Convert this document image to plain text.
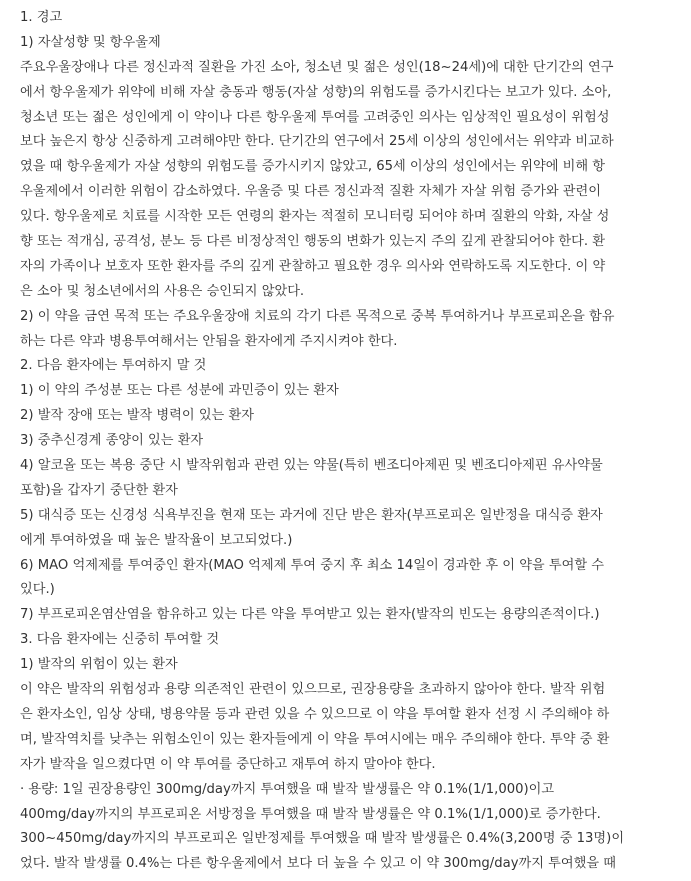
1. 경고
1) 자살성향 및 항우울제
주요우울장애나 다른 정신과적 질환을 가진 소아, 청소년 및 젊은 성인(18~24세)에 대한 단기간의 연구
에서 항우울제가 위약에 비해 자살 충동과 행동(자살 성향)의 위험도를 증가시킨다는 보고가 있다. 소아,
청소년 또는 젊은 성인에게 이 약이나 다른 항우울제 투여를 고려중인 의사는 임상적인 필요성이 위험성
보다 높은지 항상 신중하게 고려해야만 한다. 단기간의 연구에서 25세 이상의 성인에서는 위약과 비교하
였을 때 항우울제가 자살 성향의 위험도를 증가시키지 않았고, 65세 이상의 성인에서는 위약에 비해 항
우울제에서 이러한 위험이 감소하였다. 우울증 및 다른 정신과적 질환 자체가 자살 위험 증가와 관련이
있다. 항우울제로 치료를 시작한 모든 연령의 환자는 적절히 모니터링 되어야 하며 질환의 악화, 자살 성
향 또는 적개심, 공격성, 분노 등 다른 비정상적인 행동의 변화가 있는지 주의 깊게 관찰되어야 한다. 환
자의 가족이나 보호자 또한 환자를 주의 깊게 관찰하고 필요한 경우 의사와 연락하도록 지도한다. 이 약
은 소아 및 청소년에서의 사용은 승인되지 않았다.
2) 이 약을 금연 목적 또는 주요우울장애 치료의 각기 다른 목적으로 중복 투여하거나 부프로피온을 함유
하는 다른 약과 병용투여해서는 안됨을 환자에게 주지시켜야 한다.
2. 다음 환자에는 투여하지 말 것
1) 이 약의 주성분 또는 다른 성분에 과민증이 있는 환자
2) 발작 장애 또는 발작 병력이 있는 환자
3) 중추신경계 종양이 있는 환자
4) 알코올 또는 복용 중단 시 발작위험과 관련 있는 약물(특히 벤조디아제핀 및 벤조디아제핀 유사약물
포함)을 갑자기 중단한 환자
5) 대식증 또는 신경성 식욕부진을 현재 또는 과거에 진단 받은 환자(부프로피온 일반정을 대식증 환자
에게 투여하였을 때 높은 발작율이 보고되었다.)
6) MAO 억제제를 투여중인 환자(MAO 억제제 투여 중지 후 최소 14일이 경과한 후 이 약을 투여할 수
있다.)
7) 부프로피온염산염을 함유하고 있는 다른 약을 투여받고 있는 환자(발작의 빈도는 용량의존적이다.)
3. 다음 환자에는 신중히 투여할 것
1) 발작의 위험이 있는 환자
이 약은 발작의 위험성과 용량 의존적인 관련이 있으므로, 권장용량을 초과하지 않아야 한다. 발작 위험
은 환자소인, 임상 상태, 병용약물 등과 관련 있을 수 있으므로 이 약을 투여할 환자 선정 시 주의해야 하
며, 발작역치를 낮추는 위험소인이 있는 환자들에게 이 약을 투여시에는 매우 주의해야 한다. 투약 중 환
자가 발작을 일으켰다면 이 약 투여를 중단하고 재투여 하지 말아야 한다.
· 용량: 1일 권장용량인 300mg/day까지 투여했을 때 발작 발생률은 약 0.1%(1/1,000)이고
400mg/day까지의 부프로피온 서방정을 투여했을 때 발작 발생률은 약 0.1%(1/1,000)로 증가한다.
300~450mg/day까지의 부프로피온 일반정제를 투여했을 때 발작 발생률은 0.4%(3,200명 중 13명)이
었다. 발작 발생률 0.4%는 다른 항우울제에서 보다 더 높을 수 있고 이 약 300mg/day까지 투여했을 때
